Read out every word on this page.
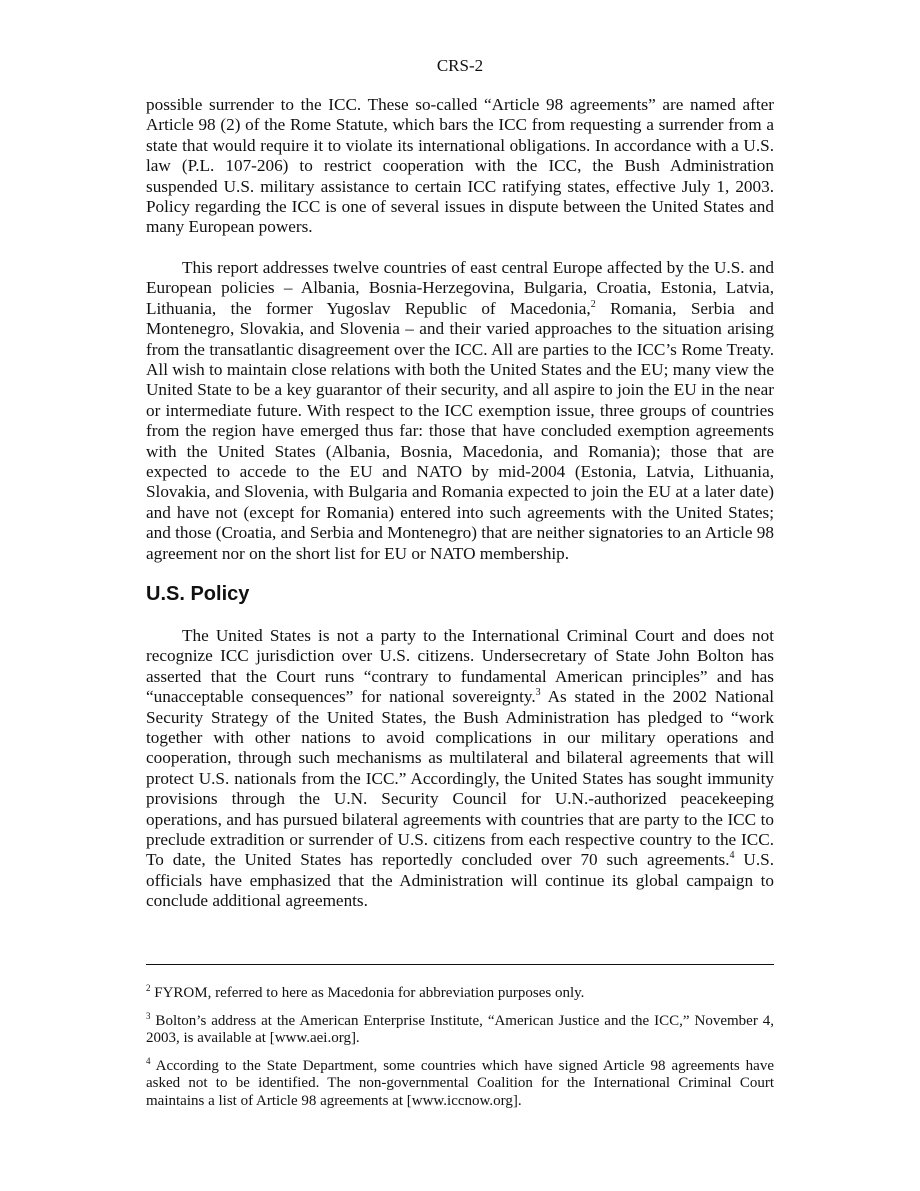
CRS-2

possible surrender to the ICC. These so-called “Article 98 agreements” are named after Article 98 (2) of the Rome Statute, which bars the ICC from requesting a surrender from a state that would require it to violate its international obligations. In accordance with a U.S. law (P.L. 107-206) to restrict cooperation with the ICC, the Bush Administration suspended U.S. military assistance to certain ICC ratifying states, effective July 1, 2003. Policy regarding the ICC is one of several issues in dispute between the United States and many European powers.

This report addresses twelve countries of east central Europe affected by the U.S. and European policies – Albania, Bosnia-Herzegovina, Bulgaria, Croatia, Estonia, Latvia, Lithuania, the former Yugoslav Republic of Macedonia,$^2$ Romania, Serbia and Montenegro, Slovakia, and Slovenia – and their varied approaches to the situation arising from the transatlantic disagreement over the ICC. All are parties to the ICC’s Rome Treaty. All wish to maintain close relations with both the United States and the EU; many view the United State to be a key guarantor of their security, and all aspire to join the EU in the near or intermediate future. With respect to the ICC exemption issue, three groups of countries from the region have emerged thus far: those that have concluded exemption agreements with the United States (Albania, Bosnia, Macedonia, and Romania); those that are expected to accede to the EU and NATO by mid-2004 (Estonia, Latvia, Lithuania, Slovakia, and Slovenia, with Bulgaria and Romania expected to join the EU at a later date) and have not (except for Romania) entered into such agreements with the United States; and those (Croatia, and Serbia and Montenegro) that are neither signatories to an Article 98 agreement nor on the short list for EU or NATO membership.

U.S. Policy

The United States is not a party to the International Criminal Court and does not recognize ICC jurisdiction over U.S. citizens. Undersecretary of State John Bolton has asserted that the Court runs “contrary to fundamental American principles” and has “unacceptable consequences” for national sovereignty.$^3$ As stated in the 2002 National Security Strategy of the United States, the Bush Administration has pledged to “work together with other nations to avoid complications in our military operations and cooperation, through such mechanisms as multilateral and bilateral agreements that will protect U.S. nationals from the ICC.” Accordingly, the United States has sought immunity provisions through the U.N. Security Council for U.N.-authorized peacekeeping operations, and has pursued bilateral agreements with countries that are party to the ICC to preclude extradition or surrender of U.S. citizens from each respective country to the ICC. To date, the United States has reportedly concluded over 70 such agreements.$^4$ U.S. officials have emphasized that the Administration will continue its global campaign to conclude additional agreements.

$^2$ FYROM, referred to here as Macedonia for abbreviation purposes only.

$^3$ Bolton’s address at the American Enterprise Institute, “American Justice and the ICC,” November 4, 2003, is available at [www.aei.org].

$^4$ According to the State Department, some countries which have signed Article 98 agreements have asked not to be identified. The non-governmental Coalition for the International Criminal Court maintains a list of Article 98 agreements at [www.iccnow.org].
